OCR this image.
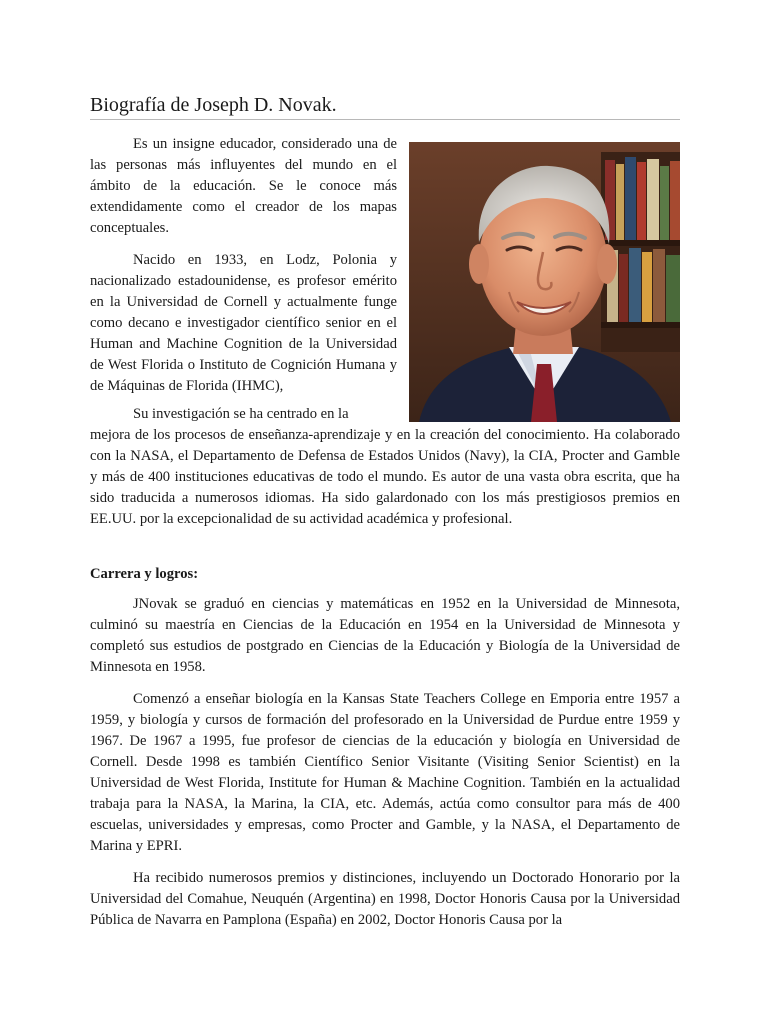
Biografía de Joseph D. Novak.

Es un insigne educador, considerado una de las personas más influyentes del mundo en el ámbito de la educación. Se le conoce más extendidamente como el creador de los mapas conceptuales.

Nacido en 1933, en Lodz, Polonia y nacionalizado estadounidense, es profesor emérito en la Universidad de Cornell y actualmente funge como decano e investigador científico senior en el Human and Machine Cognition de la Universidad de West Florida o Instituto de Cognición Humana y de Máquinas de Florida (IHMC),

Su investigación se ha centrado en la

mejora de los procesos de enseñanza-aprendizaje y en la creación del conocimiento. Ha colaborado con la NASA, el Departamento de Defensa de Estados Unidos (Navy), la CIA, Procter and Gamble y más de 400 instituciones educativas de todo el mundo. Es autor de una vasta obra escrita, que ha sido traducida a numerosos idiomas. Ha sido galardonado con los más prestigiosos premios en EE.UU. por la excepcionalidad de su actividad académica y profesional.

Carrera y logros:

JNovak se graduó en ciencias y matemáticas en 1952 en la Universidad de Minnesota, culminó su maestría en Ciencias de la Educación en 1954 en la Universidad de Minnesota y completó sus estudios de postgrado en Ciencias de la Educación y Biología de la Universidad de Minnesota en 1958.

Comenzó a enseñar biología en la Kansas State Teachers College en Emporia entre 1957 a 1959, y biología y cursos de formación del profesorado en la Universidad de Purdue entre 1959 y 1967. De 1967 a 1995, fue profesor de ciencias de la educación y biología en Universidad de Cornell. Desde 1998 es también Científico Senior Visitante (Visiting Senior Scientist) en la Universidad de West Florida, Institute for Human & Machine Cognition. También en la actualidad trabaja para la NASA, la Marina, la CIA, etc. Además, actúa como consultor para más de 400 escuelas, universidades y empresas, como Procter and Gamble, y la NASA, el Departamento de Marina y EPRI.

Ha recibido numerosos premios y distinciones, incluyendo un Doctorado Honorario por la Universidad del Comahue, Neuquén (Argentina) en 1998, Doctor Honoris Causa por la Universidad Pública de Navarra en Pamplona (España) en 2002, Doctor Honoris Causa por la
